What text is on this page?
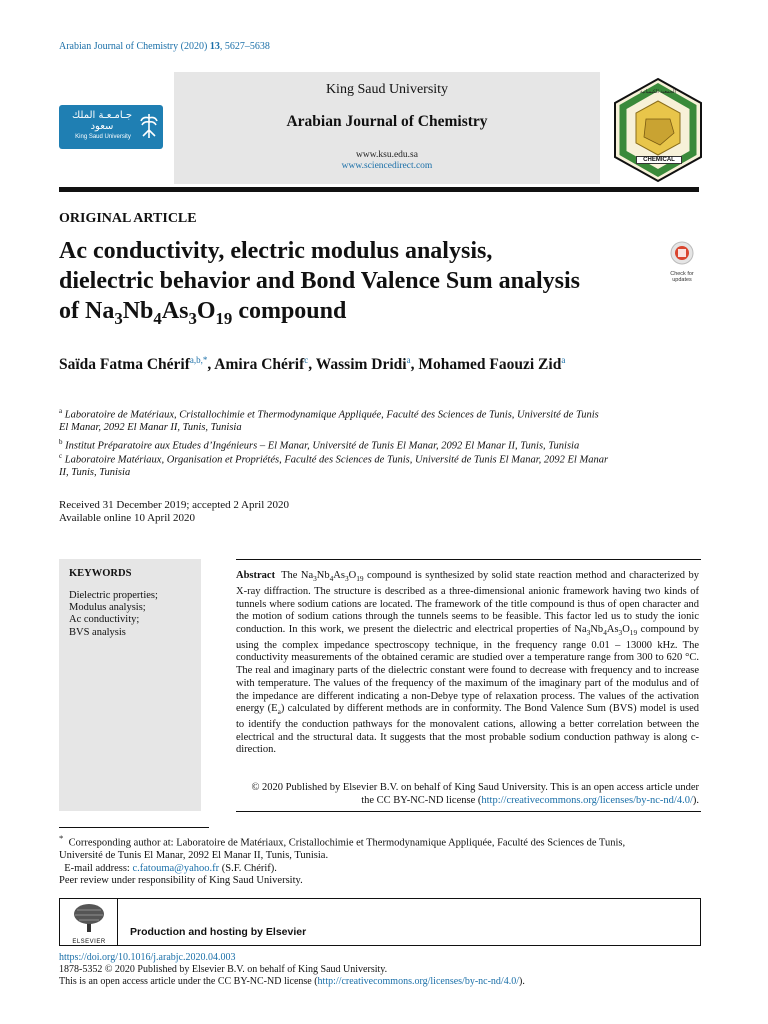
Arabian Journal of Chemistry (2020) 13, 5627–5638
جـامـعـة الملك سعود
King Saud University
King Saud University
Arabian Journal of Chemistry
www.ksu.edu.sa
www.sciencedirect.com
الجمعية الكيميائية
CHEMICAL
ORIGINAL ARTICLE
Ac conductivity, electric modulus analysis,
dielectric behavior and Bond Valence Sum analysis
of $Na_3Nb_4As_3O_{19}$ compound
Check for updates
Saïda Fatma Chérif$^{a,b,*}$, Amira Chérif$^c$, Wassim Dridi$^a$, Mohamed Faouzi Zid$^a$
$^a$ Laboratoire de Matériaux, Cristallochimie et Thermodynamique Appliquée, Faculté des Sciences de Tunis, Université de Tunis
El Manar, 2092 El Manar II, Tunis, Tunisia
$^b$ Institut Préparatoire aux Etudes d’Ingénieurs – El Manar, Université de Tunis El Manar, 2092 El Manar II, Tunis, Tunisia
$^c$ Laboratoire Matériaux, Organisation et Propriétés, Faculté des Sciences de Tunis, Université de Tunis El Manar, 2092 El Manar
II, Tunis, Tunisia
Received 31 December 2019; accepted 2 April 2020
Available online 10 April 2020
KEYWORDS
Dielectric properties;
Modulus analysis;
Ac conductivity;
BVS analysis
Abstract The $Na_3Nb_4As_3O_{19}$ compound is synthesized by solid state reaction method and characterized by X-ray diffraction. The structure is described as a three-dimensional anionic framework having two kinds of tunnels where sodium cations are located. The framework of the title compound is thus of open character and the motion of sodium cations through the tunnels seems to be feasible. This factor led us to study the ionic conduction. In this work, we present the dielectric and electrical properties of $Na_3Nb_4As_3O_{19}$ compound by using the complex impedance spectroscopy technique, in the frequency range 0.01 – 13000 kHz. The conductivity measurements of the obtained ceramic are studied over a temperature range from 300 to 620 °C. The real and imaginary parts of the dielectric constant were found to decrease with frequency and to increase with temperature. The values of the frequency of the maximum of the imaginary part of the modulus and of the impedance are different indicating a non-Debye type of relaxation process. The values of the activation energy $(E_a)$ calculated by different methods are in conformity. The Bond Valence Sum (BVS) model is used to identify the conduction pathways for the monovalent cations, allowing a better correlation between the electrical and the structural data. It suggests that the most probable sodium conduction pathway is along c-direction.
© 2020 Published by Elsevier B.V. on behalf of King Saud University. This is an open access article under
the CC BY-NC-ND license (http://creativecommons.org/licenses/by-nc-nd/4.0/).
* Corresponding author at: Laboratoire de Matériaux, Cristallochimie et Thermodynamique Appliquée, Faculté des Sciences de Tunis,
Université de Tunis El Manar, 2092 El Manar II, Tunis, Tunisia.
E-mail address: c.fatouma@yahoo.fr (S.F. Chérif).
Peer review under responsibility of King Saud University.
ELSEVIER
Production and hosting by Elsevier
https://doi.org/10.1016/j.arabjc.2020.04.003
1878-5352 © 2020 Published by Elsevier B.V. on behalf of King Saud University.
This is an open access article under the CC BY-NC-ND license (http://creativecommons.org/licenses/by-nc-nd/4.0/).
